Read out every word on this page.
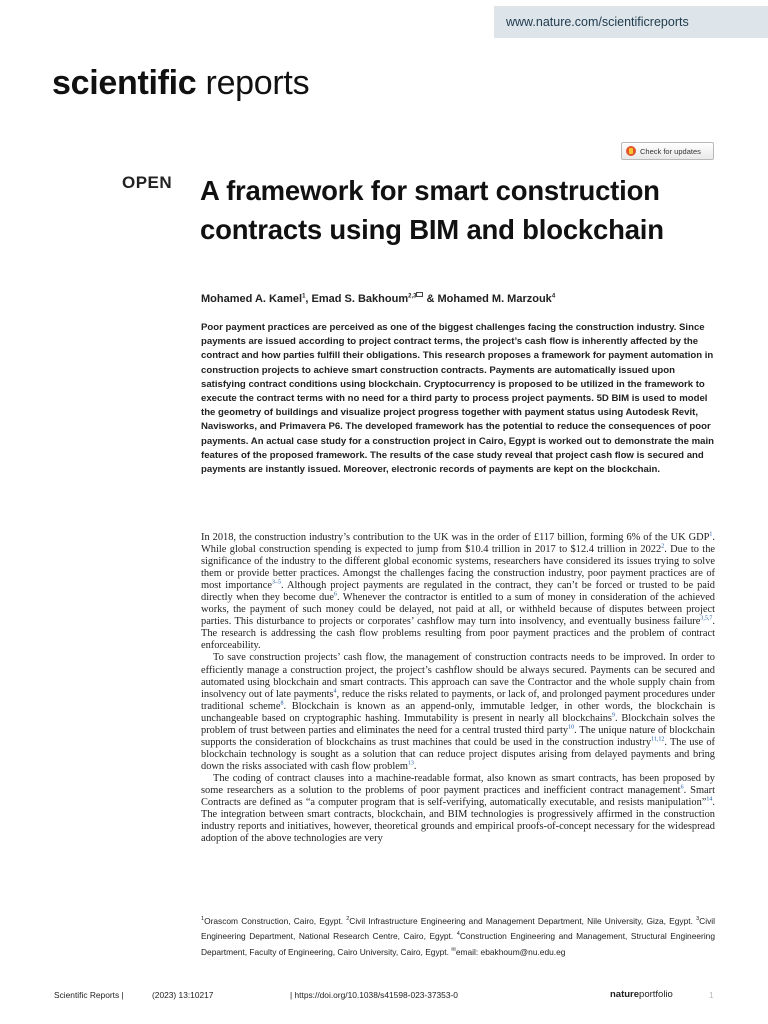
www.nature.com/scientificreports
scientific reports
Check for updates
OPEN A framework for smart construction contracts using BIM and blockchain
Mohamed A. Kamel$^1$, Emad S. Bakhoum$^{2,3}$ & Mohamed M. Marzouk$^4$

Poor payment practices are perceived as one of the biggest challenges facing the construction industry. Since payments are issued according to project contract terms, the project’s cash flow is inherently affected by the contract and how parties fulfill their obligations. This research proposes a framework for payment automation in construction projects to achieve smart construction contracts. Payments are automatically issued upon satisfying contract conditions using blockchain. Cryptocurrency is proposed to be utilized in the framework to execute the contract terms with no need for a third party to process project payments. 5D BIM is used to model the geometry of buildings and visualize project progress together with payment status using Autodesk Revit, Navisworks, and Primavera P6. The developed framework has the potential to reduce the consequences of poor payments. An actual case study for a construction project in Cairo, Egypt is worked out to demonstrate the main features of the proposed framework. The results of the case study reveal that project cash flow is secured and payments are instantly issued. Moreover, electronic records of payments are kept on the blockchain.

In 2018, the construction industry’s contribution to the UK was in the order of £117 billion, forming 6% of the UK GDP$^1$. While global construction spending is expected to jump from $10.4 trillion in 2017 to $12.4 trillion in 2022$^2$. Due to the significance of the industry to the different global economic systems, researchers have considered its issues trying to solve them or provide better practices. Amongst the challenges facing the construction industry, poor payment practices are of most importance$^{3-5}$. Although project payments are regulated in the contract, they can’t be forced or trusted to be paid directly when they become due$^6$. Whenever the contractor is entitled to a sum of money in consideration of the achieved works, the payment of such money could be delayed, not paid at all, or withheld because of disputes between project parties. This disturbance to projects or corporates’ cashflow may turn into insolvency, and eventually business failure$^{3,5,7}$. The research is addressing the cash flow problems resulting from poor payment practices and the problem of contract enforceability.

To save construction projects’ cash flow, the management of construction contracts needs to be improved. In order to efficiently manage a construction project, the project’s cashflow should be always secured. Payments can be secured and automated using blockchain and smart contracts. This approach can save the Contractor and the whole supply chain from insolvency out of late payments$^4$, reduce the risks related to payments, or lack of, and prolonged payment procedures under traditional scheme$^8$. Blockchain is known as an append-only, immutable ledger, in other words, the blockchain is unchangeable based on cryptographic hashing. Immutability is present in nearly all blockchains$^9$. Blockchain solves the problem of trust between parties and eliminates the need for a central trusted third party$^{10}$. The unique nature of blockchain supports the consideration of blockchains as trust machines that could be used in the construction industry$^{11,12}$. The use of blockchain technology is sought as a solution that can reduce project disputes arising from delayed payments and bring down the risks associated with cash flow problem$^{13}$.

The coding of contract clauses into a machine-readable format, also known as smart contracts, has been proposed by some researchers as a solution to the problems of poor payment practices and inefficient contract management$^6$. Smart Contracts are defined as “a computer program that is self-verifying, automatically executable, and resists manipulation”$^{14}$. The integration between smart contracts, blockchain, and BIM technologies is progressively affirmed in the construction industry reports and initiatives, however, theoretical grounds and empirical proofs-of-concept necessary for the widespread adoption of the above technologies are very

$^1$Orascom Construction, Cairo, Egypt. $^2$Civil Infrastructure Engineering and Management Department, Nile University, Giza, Egypt. $^3$Civil Engineering Department, National Research Centre, Cairo, Egypt. $^4$Construction Engineering and Management, Structural Engineering Department, Faculty of Engineering, Cairo University, Cairo, Egypt. ✉email: ebakhoum@nu.edu.eg

Scientific Reports |	(2023) 13:10217	| https://doi.org/10.1038/s41598-023-37353-0	natureportfolio	1
